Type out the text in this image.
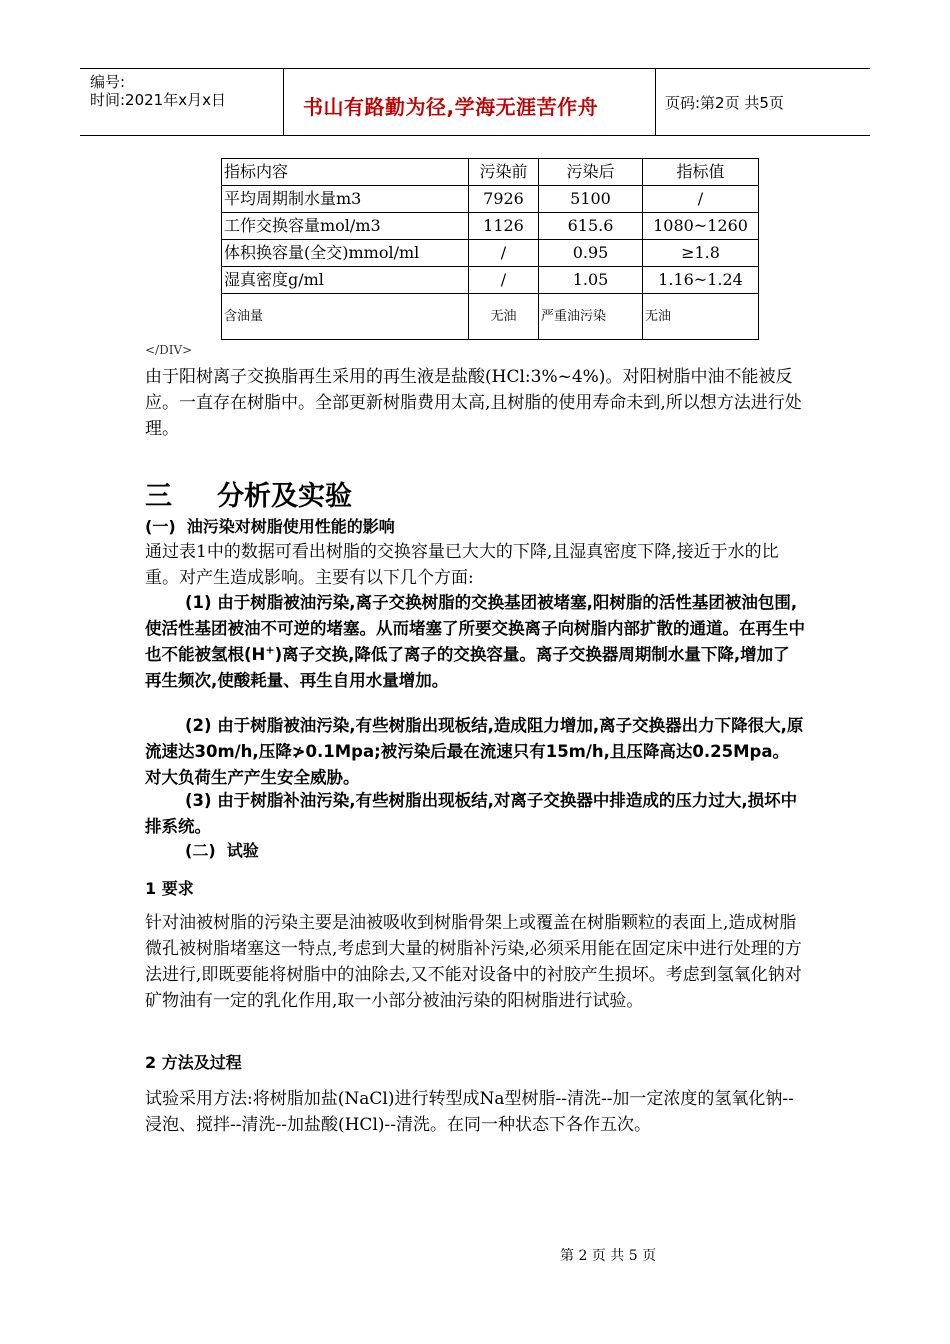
编号:
时间:2021年x月x日	书山有路勤为径,学海无涯苦作舟	页码:第2页 共5页
指标内容	污染前	污染后	指标值
平均周期制水量m3	7926	5100	/
工作交换容量mol/m3	1126	615.6	1080~1260
体积换容量(全交)mmol/ml	/	0.95	≥1.8
湿真密度g/ml	/	1.05	1.16~1.24
含油量	无油	严重油污染	无油
</DIV>
由于阳树离子交换脂再生采用的再生液是盐酸(HCl:3%~4%)。对阳树脂中油不能被反应。一直存在树脂中。全部更新树脂费用太高,且树脂的使用寿命未到,所以想方法进行处理。
三 分析及实验
(一)  油污染对树脂使用性能的影响
通过表1中的数据可看出树脂的交换容量已大大的下降,且湿真密度下降,接近于水的比重。对产生造成影响。主要有以下几个方面:
(1) 由于树脂被油污染,离子交换树脂的交换基团被堵塞,阳树脂的活性基团被油包围,使活性基团被油不可逆的堵塞。从而堵塞了所要交换离子向树脂内部扩散的通道。在再生中也不能被氢根(H+)离子交换,降低了离子的交换容量。离子交换器周期制水量下降,增加了再生频次,使酸耗量、再生自用水量增加。
(2) 由于树脂被油污染,有些树脂出现板结,造成阻力增加,离子交换器出力下降很大,原流速达30m/h,压降≯0.1Mpa;被污染后最在流速只有15m/h,且压降高达0.25Mpa。对大负荷生产产生安全威胁。
(3) 由于树脂补油污染,有些树脂出现板结,对离子交换器中排造成的压力过大,损坏中排系统。
(二)  试验
1 要求
针对油被树脂的污染主要是油被吸收到树脂骨架上或覆盖在树脂颗粒的表面上,造成树脂微孔被树脂堵塞这一特点,考虑到大量的树脂补污染,必须采用能在固定床中进行处理的方法进行,即既要能将树脂中的油除去,又不能对设备中的衬胶产生损坏。考虑到氢氧化钠对矿物油有一定的乳化作用,取一小部分被油污染的阳树脂进行试验。
2 方法及过程
试验采用方法:将树脂加盐(NaCl)进行转型成Na型树脂--清洗--加一定浓度的氢氧化钠--浸泡、搅拌--清洗--加盐酸(HCl)--清洗。在同一种状态下各作五次。
第 2 页 共 5 页
